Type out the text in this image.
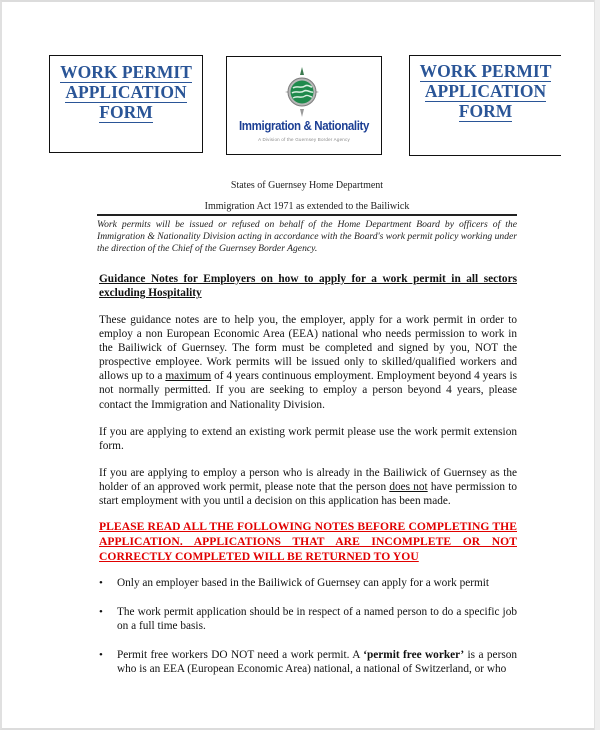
WORK PERMIT
APPLICATION
FORM
Immigration & Nationality
A Division of the Guernsey Border Agency
WORK PERMIT
APPLICATION
FORM
States of Guernsey Home Department
Immigration Act 1971 as extended to the Bailiwick
Work permits will be issued or refused on behalf of the Home Department Board by officers of the Immigration & Nationality Division acting in accordance with the Board's work permit policy working under the direction of the Chief of the Guernsey Border Agency.
Guidance Notes for Employers on how to apply for a work permit in all sectors excluding Hospitality
These guidance notes are to help you, the employer, apply for a work permit in order to employ a non European Economic Area (EEA) national who needs permission to work in the Bailiwick of Guernsey. The form must be completed and signed by you, NOT the prospective employee. Work permits will be issued only to skilled/qualified workers and allows up to a maximum of 4 years continuous employment. Employment beyond 4 years is not normally permitted. If you are seeking to employ a person beyond 4 years, please contact the Immigration and Nationality Division.
If you are applying to extend an existing work permit please use the work permit extension form.
If you are applying to employ a person who is already in the Bailiwick of Guernsey as the holder of an approved work permit, please note that the person does not have permission to start employment with you until a decision on this application has been made.
PLEASE READ ALL THE FOLLOWING NOTES BEFORE COMPLETING THE APPLICATION. APPLICATIONS THAT ARE INCOMPLETE OR NOT CORRECTLY COMPLETED WILL BE RETURNED TO YOU
•	Only an employer based in the Bailiwick of Guernsey can apply for a work permit
•	The work permit application should be in respect of a named person to do a specific job on a full time basis.
•	Permit free workers DO NOT need a work permit. A ‘permit free worker’ is a person who is an EEA (European Economic Area) national, a national of Switzerland, or who
